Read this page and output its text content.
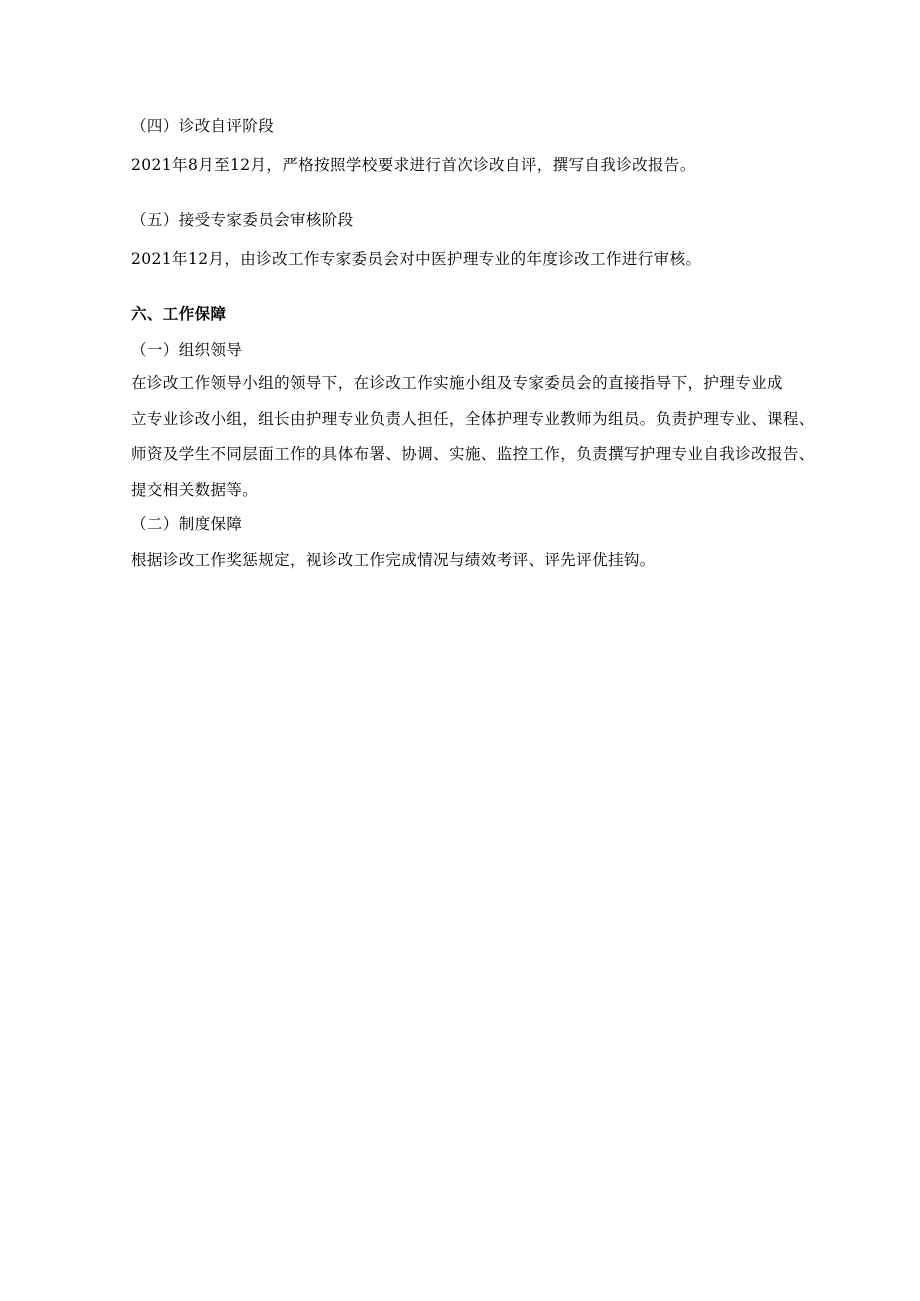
（四）诊改自评阶段
2021年8月至12月，严格按照学校要求进行首次诊改自评，撰写自我诊改报告。
（五）接受专家委员会审核阶段
2021年12月，由诊改工作专家委员会对中医护理专业的年度诊改工作进行审核。
六、工作保障
（一）组织领导
在诊改工作领导小组的领导下，在诊改工作实施小组及专家委员会的直接指导下，护理专业成
立专业诊改小组，组长由护理专业负责人担任，全体护理专业教师为组员。负责护理专业、课程、
师资及学生不同层面工作的具体布署、协调、实施、监控工作，负责撰写护理专业自我诊改报告、
提交相关数据等。
（二）制度保障
根据诊改工作奖惩规定，视诊改工作完成情况与绩效考评、评先评优挂钩。
